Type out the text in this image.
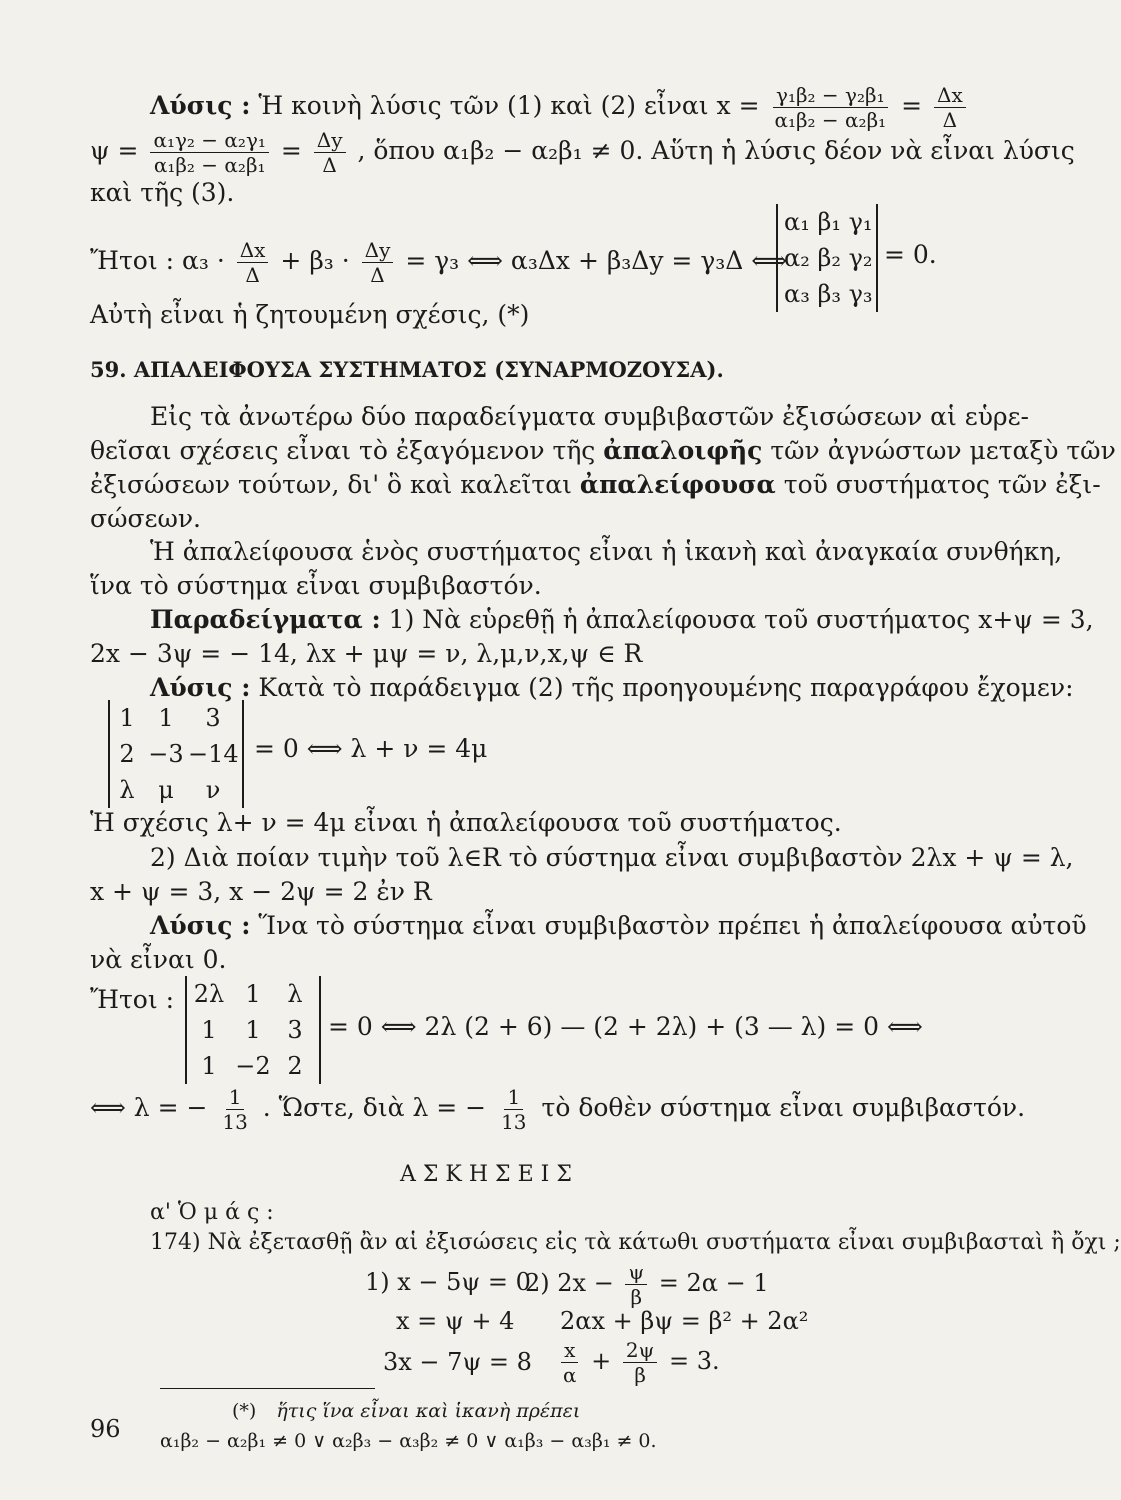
Λύσις : Ἡ κοινὴ λύσις τῶν (1) καὶ (2) εἶναι $x = \frac{\text{γ₁β₂ − γ₂β₁}}{\text{α₁β₂ − α₂β₁}} = \frac{\Delta x}{\Delta}$
$\psi = \frac{\text{α₁γ₂ − α₂γ₁}}{\text{α₁β₂ − α₂β₁}} = \frac{\Delta y}{\Delta}$ , ὅπου α₁β₂ − α₂β₁ ≠ 0. Αὕτη ἡ λύσις δέον νὰ εἶναι λύσις
καὶ τῆς (3).
Ἤτοι : $\alpha_3 \cdot \frac{\Delta x}{\Delta} + \beta_3 \cdot \frac{\Delta y}{\Delta} = \gamma_3$ ⟺ α₃Δx + β₃Δy = γ₃Δ ⟺
α₁ β₁ γ₁
α₂ β₂ γ₂
α₃ β₃ γ₃
= 0.
Αὐτὴ εἶναι ἡ ζητουμένη σχέσις, (*)
59. ΑΠΑΛΕΙΦΟΥΣΑ ΣΥΣΤΗΜΑΤΟΣ (ΣΥΝΑΡΜΟΖΟΥΣΑ).
Εἰς τὰ ἀνωτέρω δύο παραδείγματα συμβιβαστῶν ἐξισώσεων αἱ εὑρε-
θεῖσαι σχέσεις εἶναι τὸ ἐξαγόμενον τῆς ἀπαλοιφῆς τῶν ἀγνώστων μεταξὺ τῶν
ἐξισώσεων τούτων, δι' ὃ καὶ καλεῖται ἀπαλείφουσα τοῦ συστήματος τῶν ἐξι-
σώσεων.
Ἡ ἀπαλείφουσα ἑνὸς συστήματος εἶναι ἡ ἱκανὴ καὶ ἀναγκαία συνθήκη,
ἵνα τὸ σύστημα εἶναι συμβιβαστόν.
Παραδείγματα : 1) Νὰ εὑρεθῇ ἡ ἀπαλείφουσα τοῦ συστήματος x+ψ = 3,
2x − 3ψ = − 14, λx + μψ = ν, λ,μ,ν,x,ψ ∈ R
Λύσις : Κατὰ τὸ παράδειγμα (2) τῆς προηγουμένης παραγράφου ἔχομεν:
1 1	3
2 −3 −14
λ μ	ν
= 0 ⟺ λ + ν = 4μ
Ἡ σχέσις λ+ ν = 4μ εἶναι ἡ ἀπαλείφουσα τοῦ συστήματος.
2) Διὰ ποίαν τιμὴν τοῦ λ∈R τὸ σύστημα εἶναι συμβιβαστὸν 2λx + ψ = λ,
x + ψ = 3, x − 2ψ = 2 ἐν R
Λύσις : Ἵνα τὸ σύστημα εἶναι συμβιβαστὸν πρέπει ἡ ἀπαλείφουσα αὐτοῦ
νὰ εἶναι 0.
Ἤτοι : 2λ 1	λ
1	1	3
1 −2 2
= 0 ⟺ 2λ (2 + 6) — (2 + 2λ) + (3 — λ) = 0 ⟺
⟺ λ = − $\frac{1}{13}$ . Ὥστε, διὰ λ = − $\frac{1}{13}$ τὸ δοθὲν σύστημα εἶναι συμβιβαστόν.
Α Σ Κ Η Σ Ε Ι Σ
α' Ὁ μ ά ς :
174) Νὰ ἐξετασθῇ ἂν αἱ ἐξισώσεις εἰς τὰ κάτωθι συστήματα εἶναι συμβιβασταὶ ἢ ὄχι ;
1) x − 5ψ = 0
x = ψ + 4
3x − 7ψ = 8
2) $2x - \frac{\psi}{\beta} = 2\alpha - 1$
2αx + βψ = β² + 2α²
$\frac{x}{\alpha} + \frac{2\psi}{\beta} = 3$.
96
(*) ἥτις ἵνα εἶναι καὶ ἱκανὴ πρέπει
α₁β₂ − α₂β₁ ≠ 0 ∨ α₂β₃ − α₃β₂ ≠ 0 ∨ α₁β₃ − α₃β₁ ≠ 0.
